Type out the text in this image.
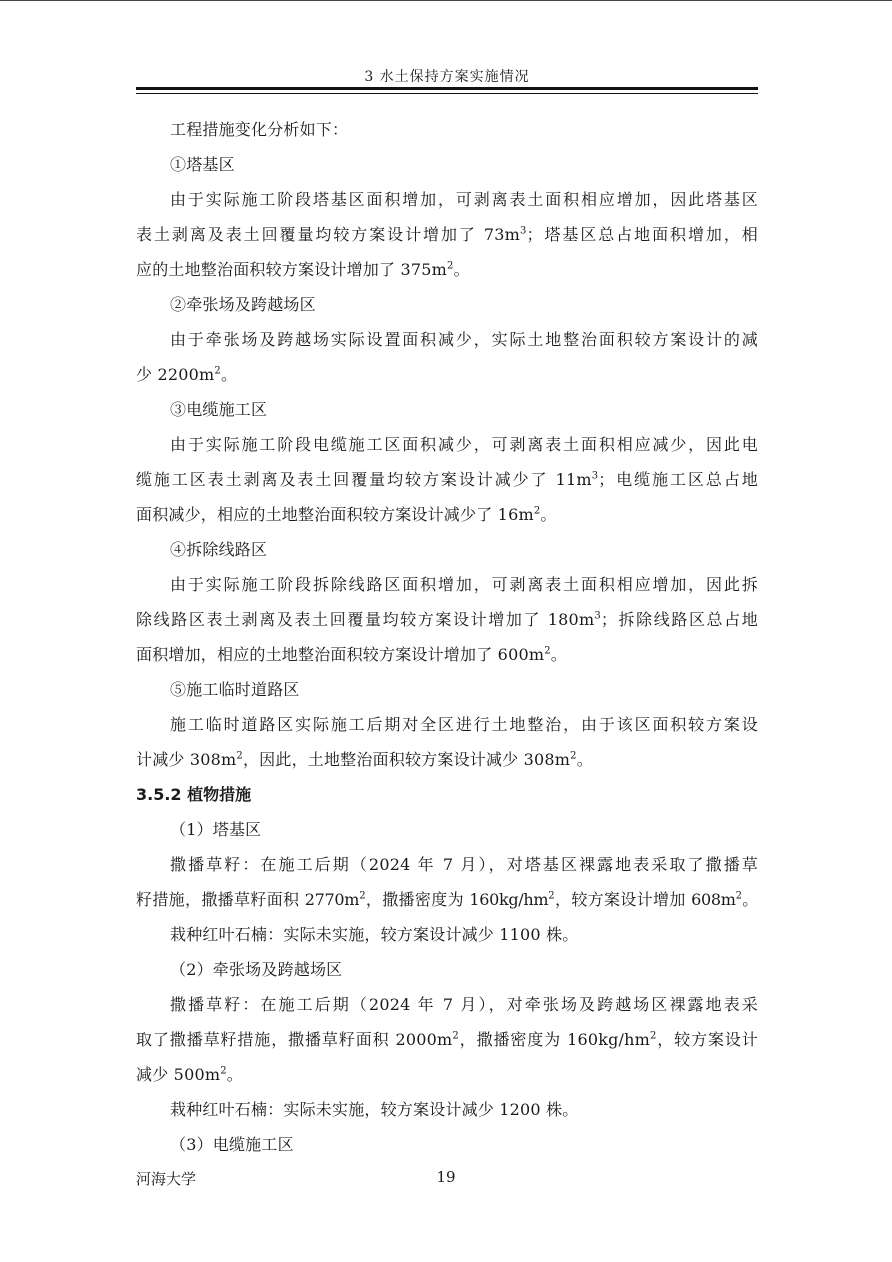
3 水土保持方案实施情况
工程措施变化分析如下：
①塔基区
由于实际施工阶段塔基区面积增加，可剥离表土面积相应增加，因此塔基区
表土剥离及表土回覆量均较方案设计增加了 $73m^3$；塔基区总占地面积增加，相
应的土地整治面积较方案设计增加了 $375m^2$。
②牵张场及跨越场区
由于牵张场及跨越场实际设置面积减少，实际土地整治面积较方案设计的减
少 $2200m^2$。
③电缆施工区
由于实际施工阶段电缆施工区面积减少，可剥离表土面积相应减少，因此电
缆施工区表土剥离及表土回覆量均较方案设计减少了 $11m^3$；电缆施工区总占地
面积减少，相应的土地整治面积较方案设计减少了 $16m^2$。
④拆除线路区
由于实际施工阶段拆除线路区面积增加，可剥离表土面积相应增加，因此拆
除线路区表土剥离及表土回覆量均较方案设计增加了 $180m^3$；拆除线路区总占地
面积增加，相应的土地整治面积较方案设计增加了 $600m^2$。
⑤施工临时道路区
施工临时道路区实际施工后期对全区进行土地整治，由于该区面积较方案设
计减少 $308m^2$，因此，土地整治面积较方案设计减少 $308m^2$。
3.5.2 植物措施
（1）塔基区
撒播草籽：在施工后期（2024 年 7 月），对塔基区裸露地表采取了撒播草
籽措施，撒播草籽面积 $2770m^2$，撒播密度为 $160kg/hm^2$，较方案设计增加 $608m^2$。
栽种红叶石楠：实际未实施，较方案设计减少 1100 株。
（2）牵张场及跨越场区
撒播草籽：在施工后期（2024 年 7 月），对牵张场及跨越场区裸露地表采
取了撒播草籽措施，撒播草籽面积 $2000m^2$，撒播密度为 $160kg/hm^2$，较方案设计
减少 $500m^2$。
栽种红叶石楠：实际未实施，较方案设计减少 1200 株。
（3）电缆施工区
河海大学	19
